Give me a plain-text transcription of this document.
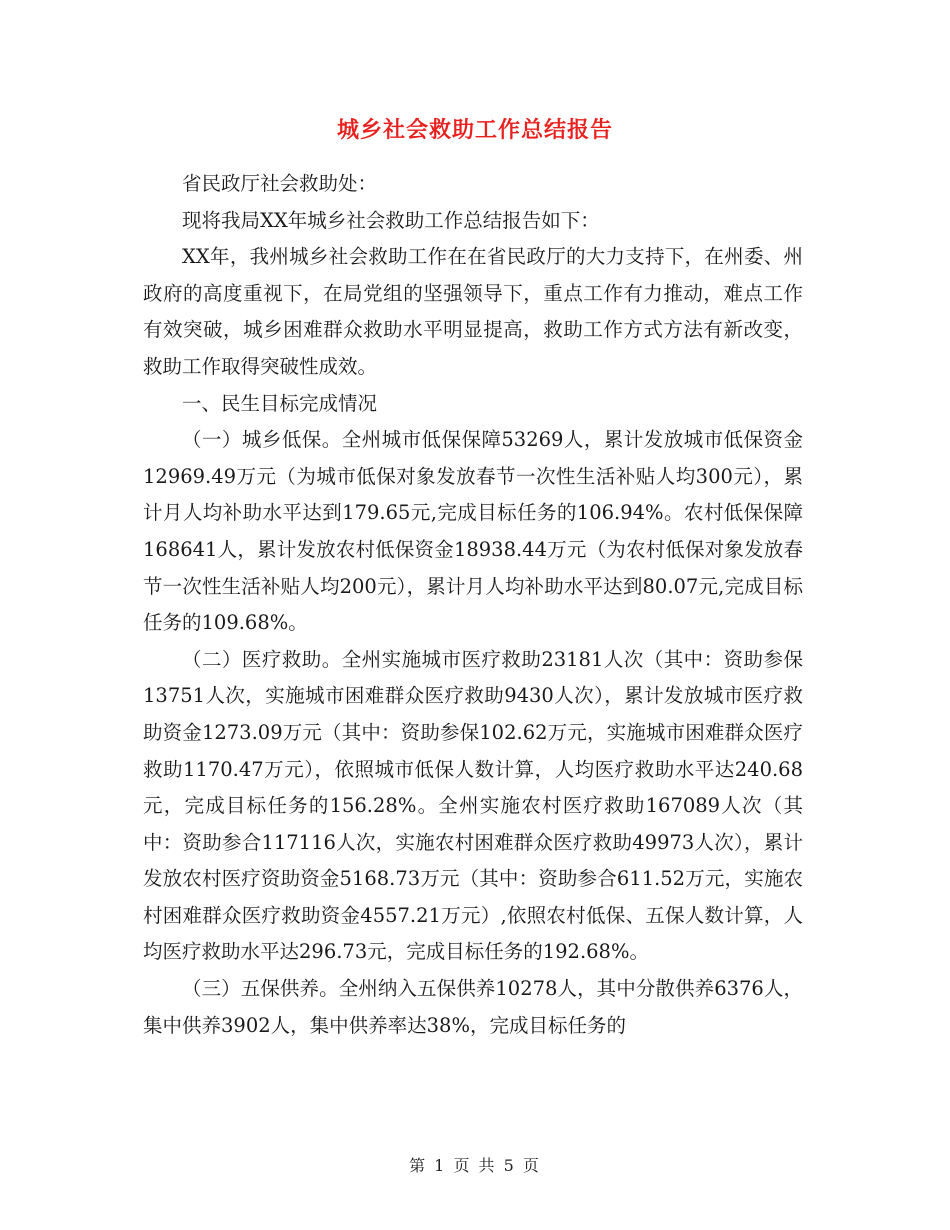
城乡社会救助工作总结报告

省民政厅社会救助处：

现将我局XX年城乡社会救助工作总结报告如下：

XX年，我州城乡社会救助工作在在省民政厅的大力支持下，在州委、州政府的高度重视下，在局党组的坚强领导下，重点工作有力推动，难点工作有效突破，城乡困难群众救助水平明显提高，救助工作方式方法有新改变，救助工作取得突破性成效。

一、民生目标完成情况

（一）城乡低保。全州城市低保保障53269人，累计发放城市低保资金12969.49万元（为城市低保对象发放春节一次性生活补贴人均300元），累计月人均补助水平达到179.65元,完成目标任务的106.94%。农村低保保障168641人，累计发放农村低保资金18938.44万元（为农村低保对象发放春节一次性生活补贴人均200元），累计月人均补助水平达到80.07元,完成目标任务的109.68%。

（二）医疗救助。全州实施城市医疗救助23181人次（其中：资助参保13751人次，实施城市困难群众医疗救助9430人次），累计发放城市医疗救助资金1273.09万元（其中：资助参保102.62万元，实施城市困难群众医疗救助1170.47万元），依照城市低保人数计算，人均医疗救助水平达240.68元，完成目标任务的156.28%。全州实施农村医疗救助167089人次（其中：资助参合117116人次，实施农村困难群众医疗救助49973人次），累计发放农村医疗资助资金5168.73万元（其中：资助参合611.52万元，实施农村困难群众医疗救助资金4557.21万元）,依照农村低保、五保人数计算，人均医疗救助水平达296.73元，完成目标任务的192.68%。

（三）五保供养。全州纳入五保供养10278人，其中分散供养6376人，集中供养3902人，集中供养率达38%，完成目标任务的

第 1 页 共 5 页
